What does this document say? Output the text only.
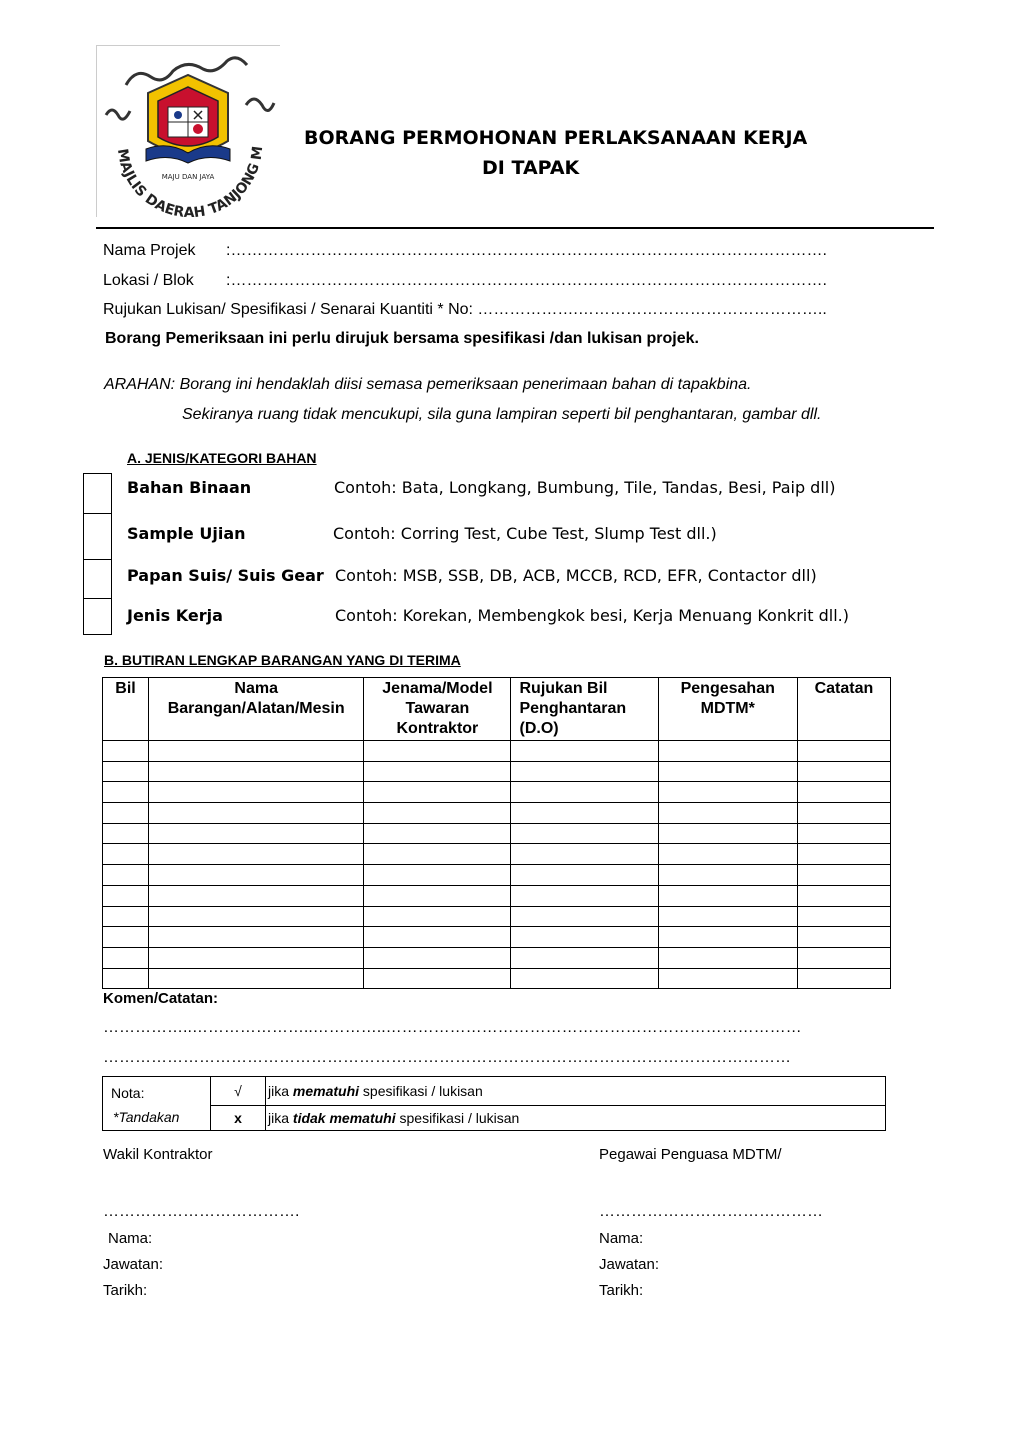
MAJLIS DAERAH TANJONG M
MAJU DAN JAYA
BORANG PERMOHONAN PERLAKSANAAN KERJA
DI TAPAK
Nama Projek :………………………………………………………………………………………………….
Lokasi / Blok :………………………………………………………………………………………………….
Rujukan Lukisan/ Spesifikasi / Senarai Kuantiti * No: ……………….………………………………………..
Borang Pemeriksaan ini perlu dirujuk bersama spesifikasi /dan lukisan projek.
ARAHAN: Borang ini hendaklah diisi semasa pemeriksaan penerimaan bahan di tapakbina.
Sekiranya ruang tidak mencukupi, sila guna lampiran seperti bil penghantaran, gambar dll.
A. JENIS/KATEGORI BAHAN
Bahan Binaan	Contoh: Bata, Longkang, Bumbung, Tile, Tandas, Besi, Paip dll)
Sample Ujian	Contoh: Corring Test, Cube Test, Slump Test dll.)
Papan Suis/ Suis Gear Contoh: MSB, SSB, DB, ACB, MCCB, RCD, EFR, Contactor dll)
Jenis Kerja	Contoh: Korekan, Membengkok besi, Kerja Menuang Konkrit dll.)
B. BUTIRAN LENGKAP BARANGAN YANG DI TERIMA
Bil	Nama Barangan/Alatan/Mesin	Jenama/Model Tawaran Kontraktor	Rujukan Bil Penghantaran (D.O)	Pengesahan MDTM*	Catatan

Komen/Catatan:
……………..…………………..…………..……………………………………………………………………
…………………………………………………………………………………………………………………
Nota:	√	jika mematuhi spesifikasi / lukisan
*Tandakan	x	jika tidak mematuhi spesifikasi / lukisan
Wakil Kontraktor	Pegawai Penguasa MDTM/
……………………………….	……………………………………
Nama:	Nama:
Jawatan:	Jawatan:
Tarikh:	Tarikh:
